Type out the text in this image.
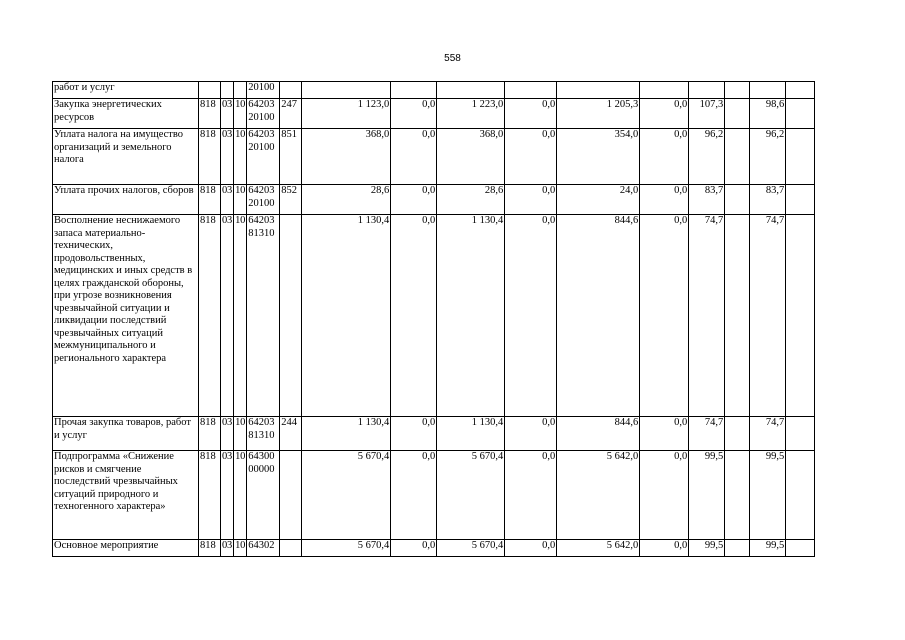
558
работ и услуг				20100											
Закупка энергетических ресурсов	818	03	10	64203 20100	247	1 123,0	0,0	1 223,0	0,0	1 205,3	0,0	107,3		98,6	
Уплата налога на имущество организаций и земельного налога	818	03	10	64203 20100	851	368,0	0,0	368,0	0,0	354,0	0,0	96,2		96,2	
Уплата прочих налогов, сборов	818	03	10	64203 20100	852	28,6	0,0	28,6	0,0	24,0	0,0	83,7		83,7	
Восполнение неснижаемого запаса материально-технических, продовольственных, медицинских и иных средств в целях гражданской обороны, при угрозе возникновения чрезвычайной ситуации и ликвидации последствий чрезвычайных ситуаций межмуниципального и регионального характера	818	03	10	64203 81310		1 130,4	0,0	1 130,4	0,0	844,6	0,0	74,7		74,7	
Прочая закупка товаров, работ и услуг	818	03	10	64203 81310	244	1 130,4	0,0	1 130,4	0,0	844,6	0,0	74,7		74,7	
Подпрограмма «Снижение рисков и смягчение последствий чрезвычайных ситуаций природного и техногенного характера»	818	03	10	64300 00000		5 670,4	0,0	5 670,4	0,0	5 642,0	0,0	99,5		99,5	
Основное мероприятие	818	03	10	64302		5 670,4	0,0	5 670,4	0,0	5 642,0	0,0	99,5		99,5	
